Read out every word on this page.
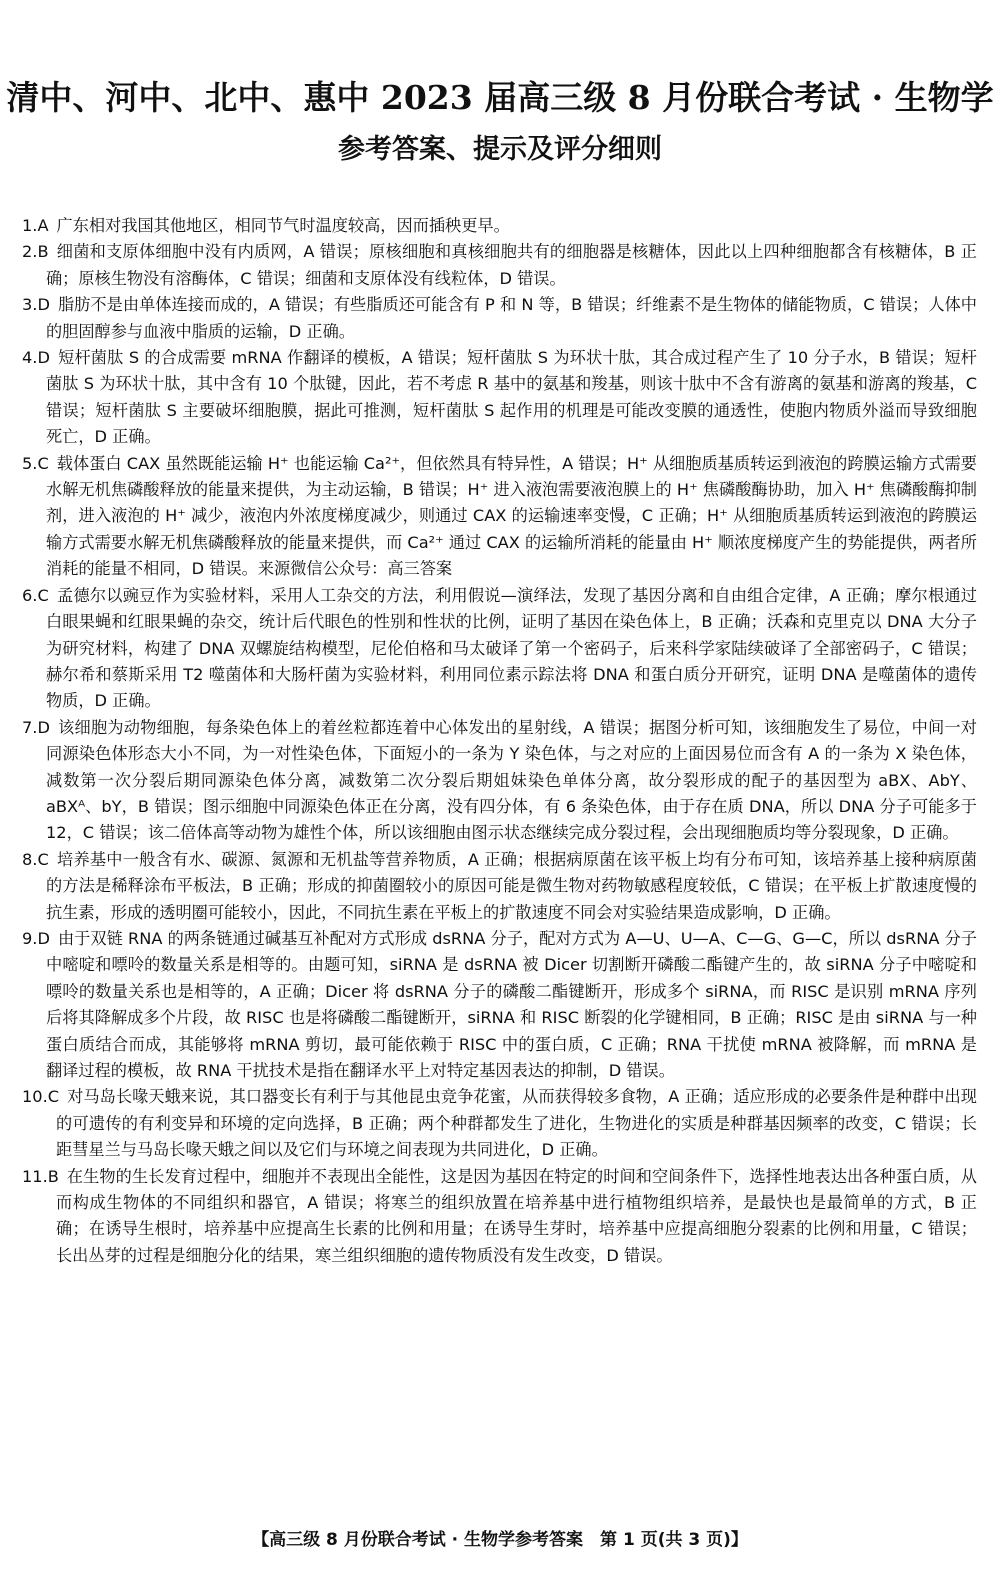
清中、河中、北中、惠中 2023 届高三级 8 月份联合考试 · 生物学
参考答案、提示及评分细则

1.A 广东相对我国其他地区，相同节气时温度较高，因而插秧更早。

2.B 细菌和支原体细胞中没有内质网，A 错误；原核细胞和真核细胞共有的细胞器是核糖体，因此以上四种细胞都含有核糖体，B 正确；原核生物没有溶酶体，C 错误；细菌和支原体没有线粒体，D 错误。

3.D 脂肪不是由单体连接而成的，A 错误；有些脂质还可能含有 P 和 N 等，B 错误；纤维素不是生物体的储能物质，C 错误；人体中的胆固醇参与血液中脂质的运输，D 正确。

4.D 短杆菌肽 S 的合成需要 mRNA 作翻译的模板，A 错误；短杆菌肽 S 为环状十肽，其合成过程产生了 10 分子水，B 错误；短杆菌肽 S 为环状十肽，其中含有 10 个肽键，因此，若不考虑 R 基中的氨基和羧基，则该十肽中不含有游离的氨基和游离的羧基，C 错误；短杆菌肽 S 主要破坏细胞膜，据此可推测，短杆菌肽 S 起作用的机理是可能改变膜的通透性，使胞内物质外溢而导致细胞死亡，D 正确。

5.C 载体蛋白 CAX 虽然既能运输 H⁺ 也能运输 Ca²⁺，但依然具有特异性，A 错误；H⁺ 从细胞质基质转运到液泡的跨膜运输方式需要水解无机焦磷酸释放的能量来提供，为主动运输，B 错误；H⁺ 进入液泡需要液泡膜上的 H⁺ 焦磷酸酶协助，加入 H⁺ 焦磷酸酶抑制剂，进入液泡的 H⁺ 减少，液泡内外浓度梯度减少，则通过 CAX 的运输速率变慢，C 正确；H⁺ 从细胞质基质转运到液泡的跨膜运输方式需要水解无机焦磷酸释放的能量来提供，而 Ca²⁺ 通过 CAX 的运输所消耗的能量由 H⁺ 顺浓度梯度产生的势能提供，两者所消耗的能量不相同，D 错误。来源微信公众号：高三答案

6.C 孟德尔以豌豆作为实验材料，采用人工杂交的方法，利用假说—演绎法，发现了基因分离和自由组合定律，A 正确；摩尔根通过白眼果蝇和红眼果蝇的杂交，统计后代眼色的性别和性状的比例，证明了基因在染色体上，B 正确；沃森和克里克以 DNA 大分子为研究材料，构建了 DNA 双螺旋结构模型，尼伦伯格和马太破译了第一个密码子，后来科学家陆续破译了全部密码子，C 错误；赫尔希和蔡斯采用 T2 噬菌体和大肠杆菌为实验材料，利用同位素示踪法将 DNA 和蛋白质分开研究，证明 DNA 是噬菌体的遗传物质，D 正确。

7.D 该细胞为动物细胞，每条染色体上的着丝粒都连着中心体发出的星射线，A 错误；据图分析可知，该细胞发生了易位，中间一对同源染色体形态大小不同，为一对性染色体，下面短小的一条为 Y 染色体，与之对应的上面因易位而含有 A 的一条为 X 染色体，减数第一次分裂后期同源染色体分离，减数第二次分裂后期姐妹染色单体分离，故分裂形成的配子的基因型为 aBX、AbY、aBXᴬ、bY，B 错误；图示细胞中同源染色体正在分离，没有四分体，有 6 条染色体，由于存在质 DNA，所以 DNA 分子可能多于 12，C 错误；该二倍体高等动物为雄性个体，所以该细胞由图示状态继续完成分裂过程，会出现细胞质均等分裂现象，D 正确。

8.C 培养基中一般含有水、碳源、氮源和无机盐等营养物质，A 正确；根据病原菌在该平板上均有分布可知，该培养基上接种病原菌的方法是稀释涂布平板法，B 正确；形成的抑菌圈较小的原因可能是微生物对药物敏感程度较低，C 错误；在平板上扩散速度慢的抗生素，形成的透明圈可能较小，因此，不同抗生素在平板上的扩散速度不同会对实验结果造成影响，D 正确。

9.D 由于双链 RNA 的两条链通过碱基互补配对方式形成 dsRNA 分子，配对方式为 A—U、U—A、C—G、G—C，所以 dsRNA 分子中嘧啶和嘌呤的数量关系是相等的。由题可知，siRNA 是 dsRNA 被 Dicer 切割断开磷酸二酯键产生的，故 siRNA 分子中嘧啶和嘌呤的数量关系也是相等的，A 正确；Dicer 将 dsRNA 分子的磷酸二酯键断开，形成多个 siRNA，而 RISC 是识别 mRNA 序列后将其降解成多个片段，故 RISC 也是将磷酸二酯键断开，siRNA 和 RISC 断裂的化学键相同，B 正确；RISC 是由 siRNA 与一种蛋白质结合而成，其能够将 mRNA 剪切，最可能依赖于 RISC 中的蛋白质，C 正确；RNA 干扰使 mRNA 被降解，而 mRNA 是翻译过程的模板，故 RNA 干扰技术是指在翻译水平上对特定基因表达的抑制，D 错误。

10.C 对马岛长喙天蛾来说，其口器变长有利于与其他昆虫竞争花蜜，从而获得较多食物，A 正确；适应形成的必要条件是种群中出现的可遗传的有利变异和环境的定向选择，B 正确；两个种群都发生了进化，生物进化的实质是种群基因频率的改变，C 错误；长距彗星兰与马岛长喙天蛾之间以及它们与环境之间表现为共同进化，D 正确。

11.B 在生物的生长发育过程中，细胞并不表现出全能性，这是因为基因在特定的时间和空间条件下，选择性地表达出各种蛋白质，从而构成生物体的不同组织和器官，A 错误；将寒兰的组织放置在培养基中进行植物组织培养，是最快也是最简单的方式，B 正确；在诱导生根时，培养基中应提高生长素的比例和用量；在诱导生芽时，培养基中应提高细胞分裂素的比例和用量，C 错误；长出丛芽的过程是细胞分化的结果，寒兰组织细胞的遗传物质没有发生改变，D 错误。

【高三级 8 月份联合考试 · 生物学参考答案　第 1 页(共 3 页)】
